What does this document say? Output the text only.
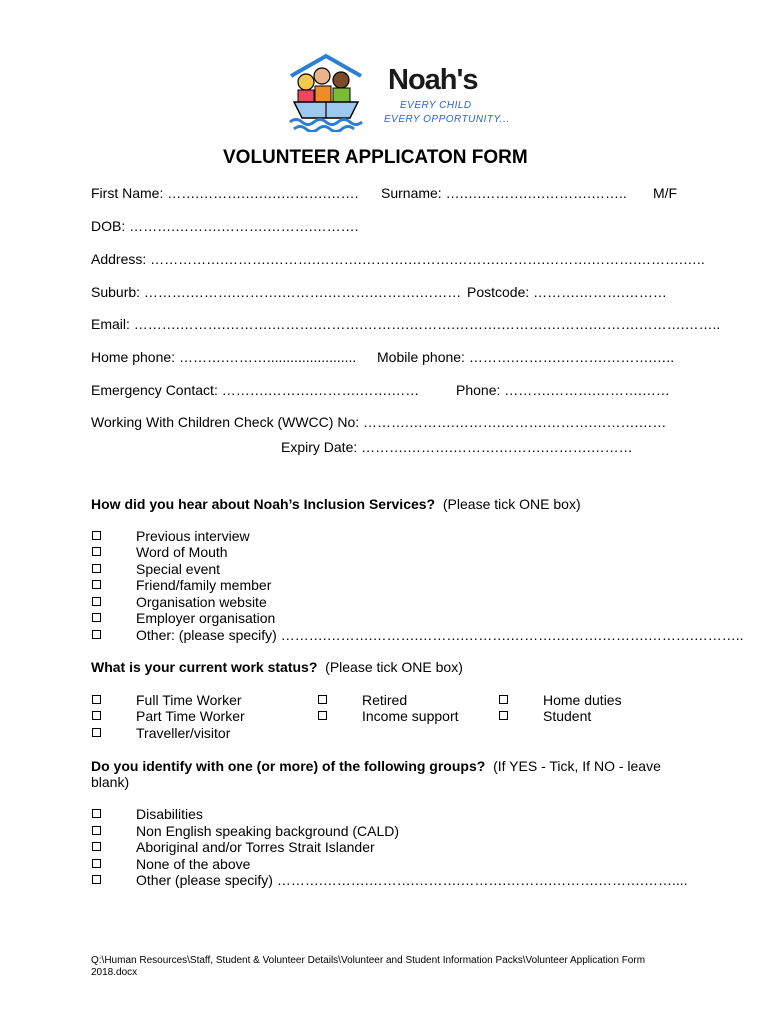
Noah's
EVERY CHILD
EVERY OPPORTUNITY...
VOLUNTEER APPLICATON FORM
First Name: …….……….….….……….……. Surname: ….….……….….……….…….. M/F
DOB: ……….……….……….……….……….
Address: …………….……….……….……….……….……….……….……….……….……….……….…..
Suburb: ……….……….……….……….……….……….……… Postcode: ……….……….………
Email: ……….……….……….……….……….……….……….……….……….……….……….……….……..
Home phone: ……….………....................... Mobile phone: ……….……….……….……….…..
Emergency Contact: ……….……….……….…….……	Phone: ……….……….……….……
Working With Children Check (WWCC) No: ……….……….……….……….……….……….……
Expiry Date: ……….……….……….……….……….………
How did you hear about Noah’s Inclusion Services? (Please tick ONE box)
Previous interview
Word of Mouth
Special event
Friend/family member
Organisation website
Employer organisation
Other: (please specify) ……….……….……….……….……….……….……….……….……….………..
What is your current work status? (Please tick ONE box)
Full Time Worker
Part Time Worker
Traveller/visitor
Retired
Income support
Home duties
Student
Do you identify with one (or more) of the following groups? (If YES - Tick, If NO - leave
blank)
Disabilities
Non English speaking background (CALD)
Aboriginal and/or Torres Strait Islander
None of the above
Other (please specify) ……….……….……….……….……….……….……….……….……....
Q:\Human Resources\Staff, Student & Volunteer Details\Volunteer and Student Information Packs\Volunteer Application Form
2018.docx
